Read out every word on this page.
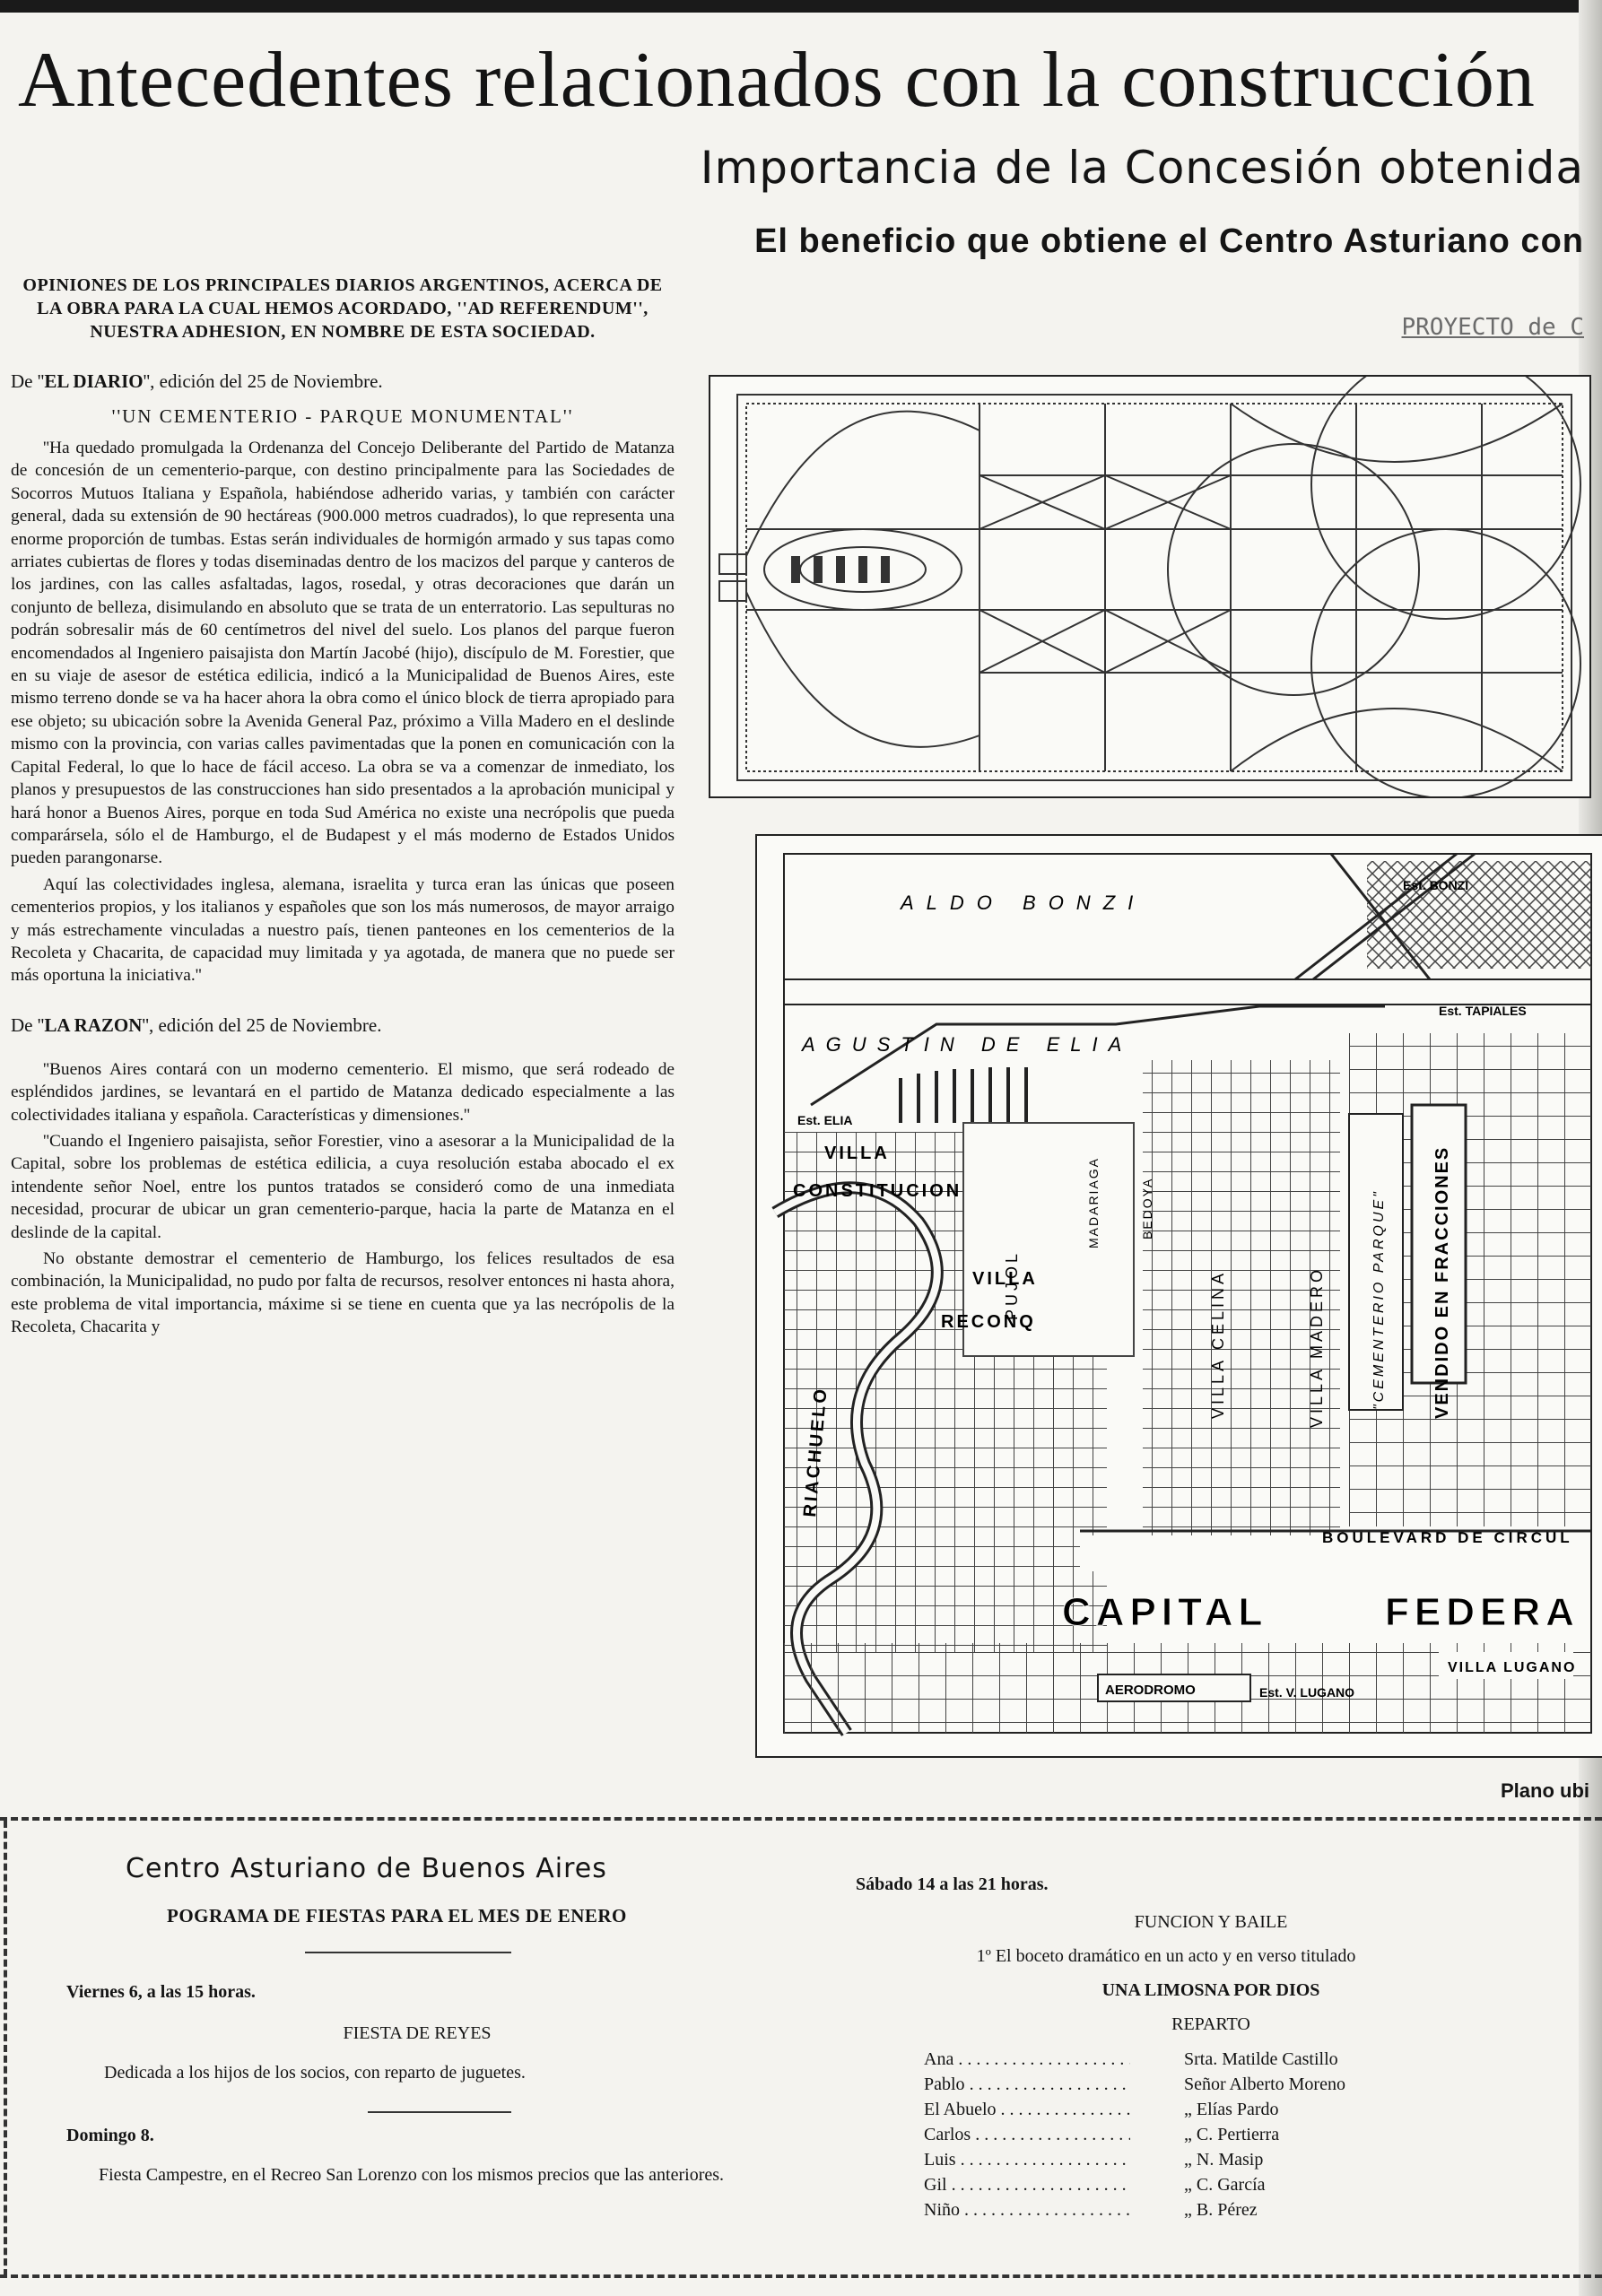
Antecedentes relacionados con la construcción
Importancia de la Concesión obtenida
El beneficio que obtiene el Centro Asturiano con
PROYECTO de C
OPINIONES DE LOS PRINCIPALES DIARIOS ARGENTINOS, ACERCA DE LA OBRA PARA LA CUAL HEMOS ACORDADO, ''AD REFERENDUM'', NUESTRA ADHESION, EN NOMBRE DE ESTA SOCIEDAD.
De ''EL DIARIO'', edición del 25 de Noviembre.
''UN CEMENTERIO - PARQUE MONUMENTAL''

''Ha quedado promulgada la Ordenanza del Concejo Deliberante del Partido de Matanza de concesión de un cementerio-parque, con destino principalmente para las Sociedades de Socorros Mutuos Italiana y Española, habiéndose adherido varias, y también con carácter general, dada su extensión de 90 hectáreas (900.000 metros cuadrados), lo que representa una enorme proporción de tumbas. Estas serán individuales de hormigón armado y sus tapas como arriates cubiertas de flores y todas diseminadas dentro de los macizos del parque y canteros de los jardines, con las calles asfaltadas, lagos, rosedal, y otras decoraciones que darán un conjunto de belleza, disimulando en absoluto que se trata de un enterratorio. Las sepulturas no podrán sobresalir más de 60 centímetros del nivel del suelo. Los planos del parque fueron encomendados al Ingeniero paisajista don Martín Jacobé (hijo), discípulo de M. Forestier, que en su viaje de asesor de estética edilicia, indicó a la Municipalidad de Buenos Aires, este mismo terreno donde se va ha hacer ahora la obra como el único block de tierra apropiado para ese objeto; su ubicación sobre la Avenida General Paz, próximo a Villa Madero en el deslinde mismo con la provincia, con varias calles pavimentadas que la ponen en comunicación con la Capital Federal, lo que lo hace de fácil acceso. La obra se va a comenzar de inmediato, los planos y presupuestos de las construcciones han sido presentados a la aprobación municipal y hará honor a Buenos Aires, porque en toda Sud América no existe una necrópolis que pueda comparársela, sólo el de Hamburgo, el de Budapest y el más moderno de Estados Unidos pueden parangonarse.

Aquí las colectividades inglesa, alemana, israelita y turca eran las únicas que poseen cementerios propios, y los italianos y españoles que son los más numerosos, de mayor arraigo y más estrechamente vinculadas a nuestro país, tienen panteones en los cementerios de la Recoleta y Chacarita, de capacidad muy limitada y ya agotada, de manera que no puede ser más oportuna la iniciativa.''

De ''LA RAZON'', edición del 25 de Noviembre.

''Buenos Aires contará con un moderno cementerio. El mismo, que será rodeado de espléndidos jardines, se levantará en el partido de Matanza dedicado especialmente a las colectividades italiana y española. Características y dimensiones.''

''Cuando el Ingeniero paisajista, señor Forestier, vino a asesorar a la Municipalidad de la Capital, sobre los problemas de estética edilicia, a cuya resolución estaba abocado el ex intendente señor Noel, entre los puntos tratados se consideró como de una inmediata necesidad, procurar de ubicar un gran cementerio-parque, hacia la parte de Matanza en el deslinde de la capital.

No obstante demostrar el cementerio de Hamburgo, los felices resultados de esa combinación, la Municipalidad, no pudo por falta de recursos, resolver entonces ni hasta ahora, este problema de vital importancia, máxime si se tiene en cuenta que ya las necrópolis de la Recoleta, Chacarita y

ALDO BONZI
Est. BONZI
Est. TAPIALES
AGUSTIN DE ELIA
Est. ELIA
VILLA
CONSTITUCION
VILLA
RECONQ
RIACHUELO
PUJOL
BEDOYA
MADARIAGA
VILLA CELINA	VILLA MADERO	"CEMENTERIO PARQUE"	VENDIDO EN FRACCIONES
BOULEVARD DE CIRCUL
CAPITAL	FEDERA
AERODROMO	Est. V. LUGANO
VILLA LUGANO
Plano ubi
Centro Asturiano de Buenos Aires
POGRAMA DE FIESTAS PARA EL MES DE ENERO
Viernes 6, a las 15 horas.
FIESTA DE REYES
Dedicada a los hijos de los socios, con reparto de juguetes.
Domingo 8.
Fiesta Campestre, en el Recreo San Lorenzo con los mismos precios que las anteriores.
Sábado 14 a las 21 horas.
FUNCION Y BAILE
1º El boceto dramático en un acto y en verso titulado
UNA LIMOSNA POR DIOS
REPARTO
Ana . . .	Srta. Matilde Castillo
Pablo . . .	Señor Alberto Moreno
El Abuelo . . .	„ Elías Pardo
Carlos . . .	„ C. Pertierra
Luis . . .	„ N. Masip
Gil . . .	„ C. García
Niño . . .	„ B. Pérez
